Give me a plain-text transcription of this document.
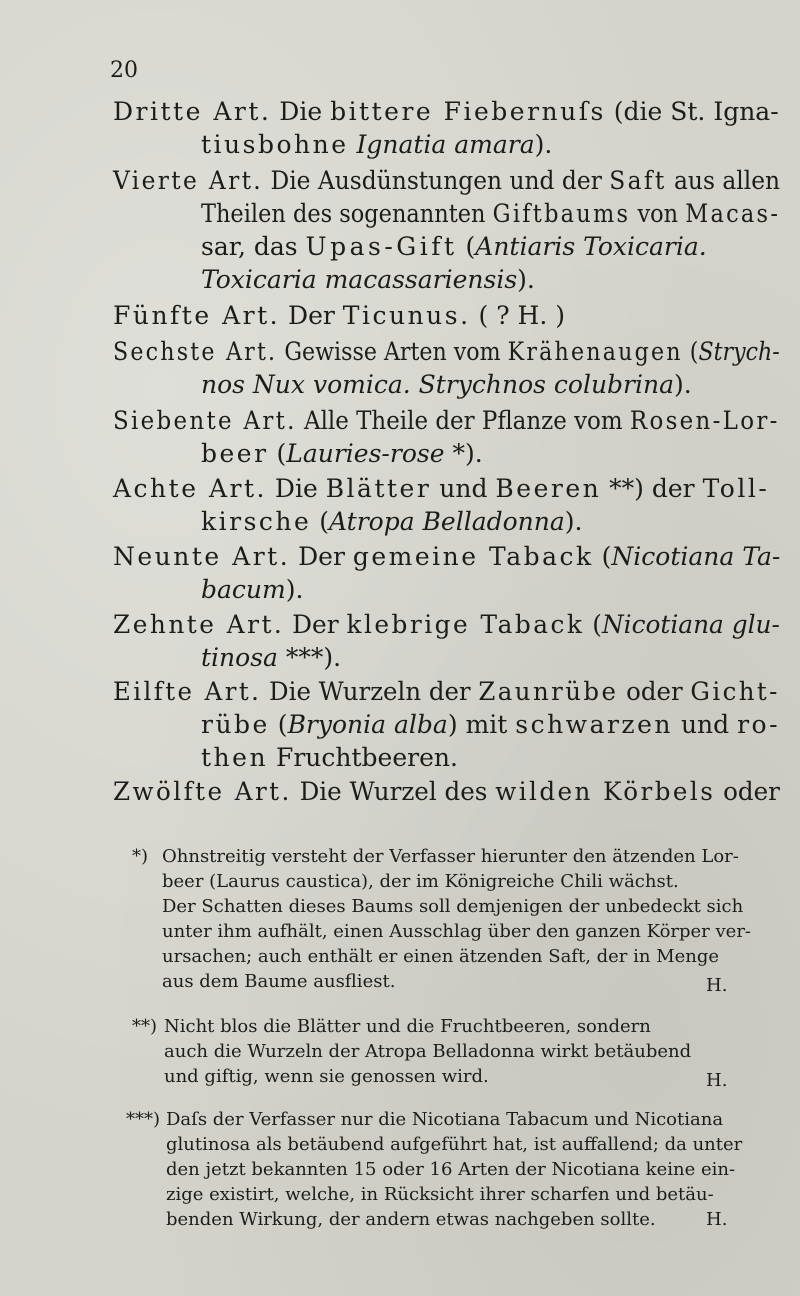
20
Dritte Art. Die bittere Fiebernuſs (die St. Igna-
tiusbohne Ignatia amara).
Vierte Art. Die Ausdünstungen und der Saft aus allen
Theilen des sogenannten Giftbaums von Macas-
sar, das Upas-Gift (Antiaris Toxicaria.
Toxicaria macassariensis).
Fünfte Art. Der Ticunus. ( ? H. )
Sechste Art. Gewisse Arten vom Krähenaugen (Strych-
nos Nux vomica. Strychnos colubrina).
Siebente Art. Alle Theile der Pflanze vom Rosen-Lor-
beer (Lauries-rose *).
Achte Art. Die Blätter und Beeren **) der Toll-
kirsche (Atropa Belladonna).
Neunte Art. Der gemeine Taback (Nicotiana Ta-
bacum).
Zehnte Art. Der klebrige Taback (Nicotiana glu-
tinosa ***).
Eilfte Art. Die Wurzeln der Zaunrübe oder Gicht-
rübe (Bryonia alba) mit schwarzen und ro-
then Fruchtbeeren.
Zwölfte Art. Die Wurzel des wilden Körbels oder
*) Ohnstreitig versteht der Verfasser hierunter den ätzenden Lor-
beer (Laurus caustica), der im Königreiche Chili wächst.
Der Schatten dieses Baums soll demjenigen der unbedeckt sich
unter ihm aufhält, einen Ausschlag über den ganzen Körper ver-
ursachen; auch enthält er einen ätzenden Saft, der in Menge
aus dem Baume ausfliest.	H.
**) Nicht blos die Blätter und die Fruchtbeeren, sondern
auch die Wurzeln der Atropa Belladonna wirkt betäubend
und giftig, wenn sie genossen wird.	H.
***) Daſs der Verfasser nur die Nicotiana Tabacum und Nicotiana
glutinosa als betäubend aufgeführt hat, ist auffallend; da unter
den jetzt bekannten 15 oder 16 Arten der Nicotiana keine ein-
zige existirt, welche, in Rücksicht ihrer scharfen und betäu-
benden Wirkung, der andern etwas nachgeben sollte.	H.
